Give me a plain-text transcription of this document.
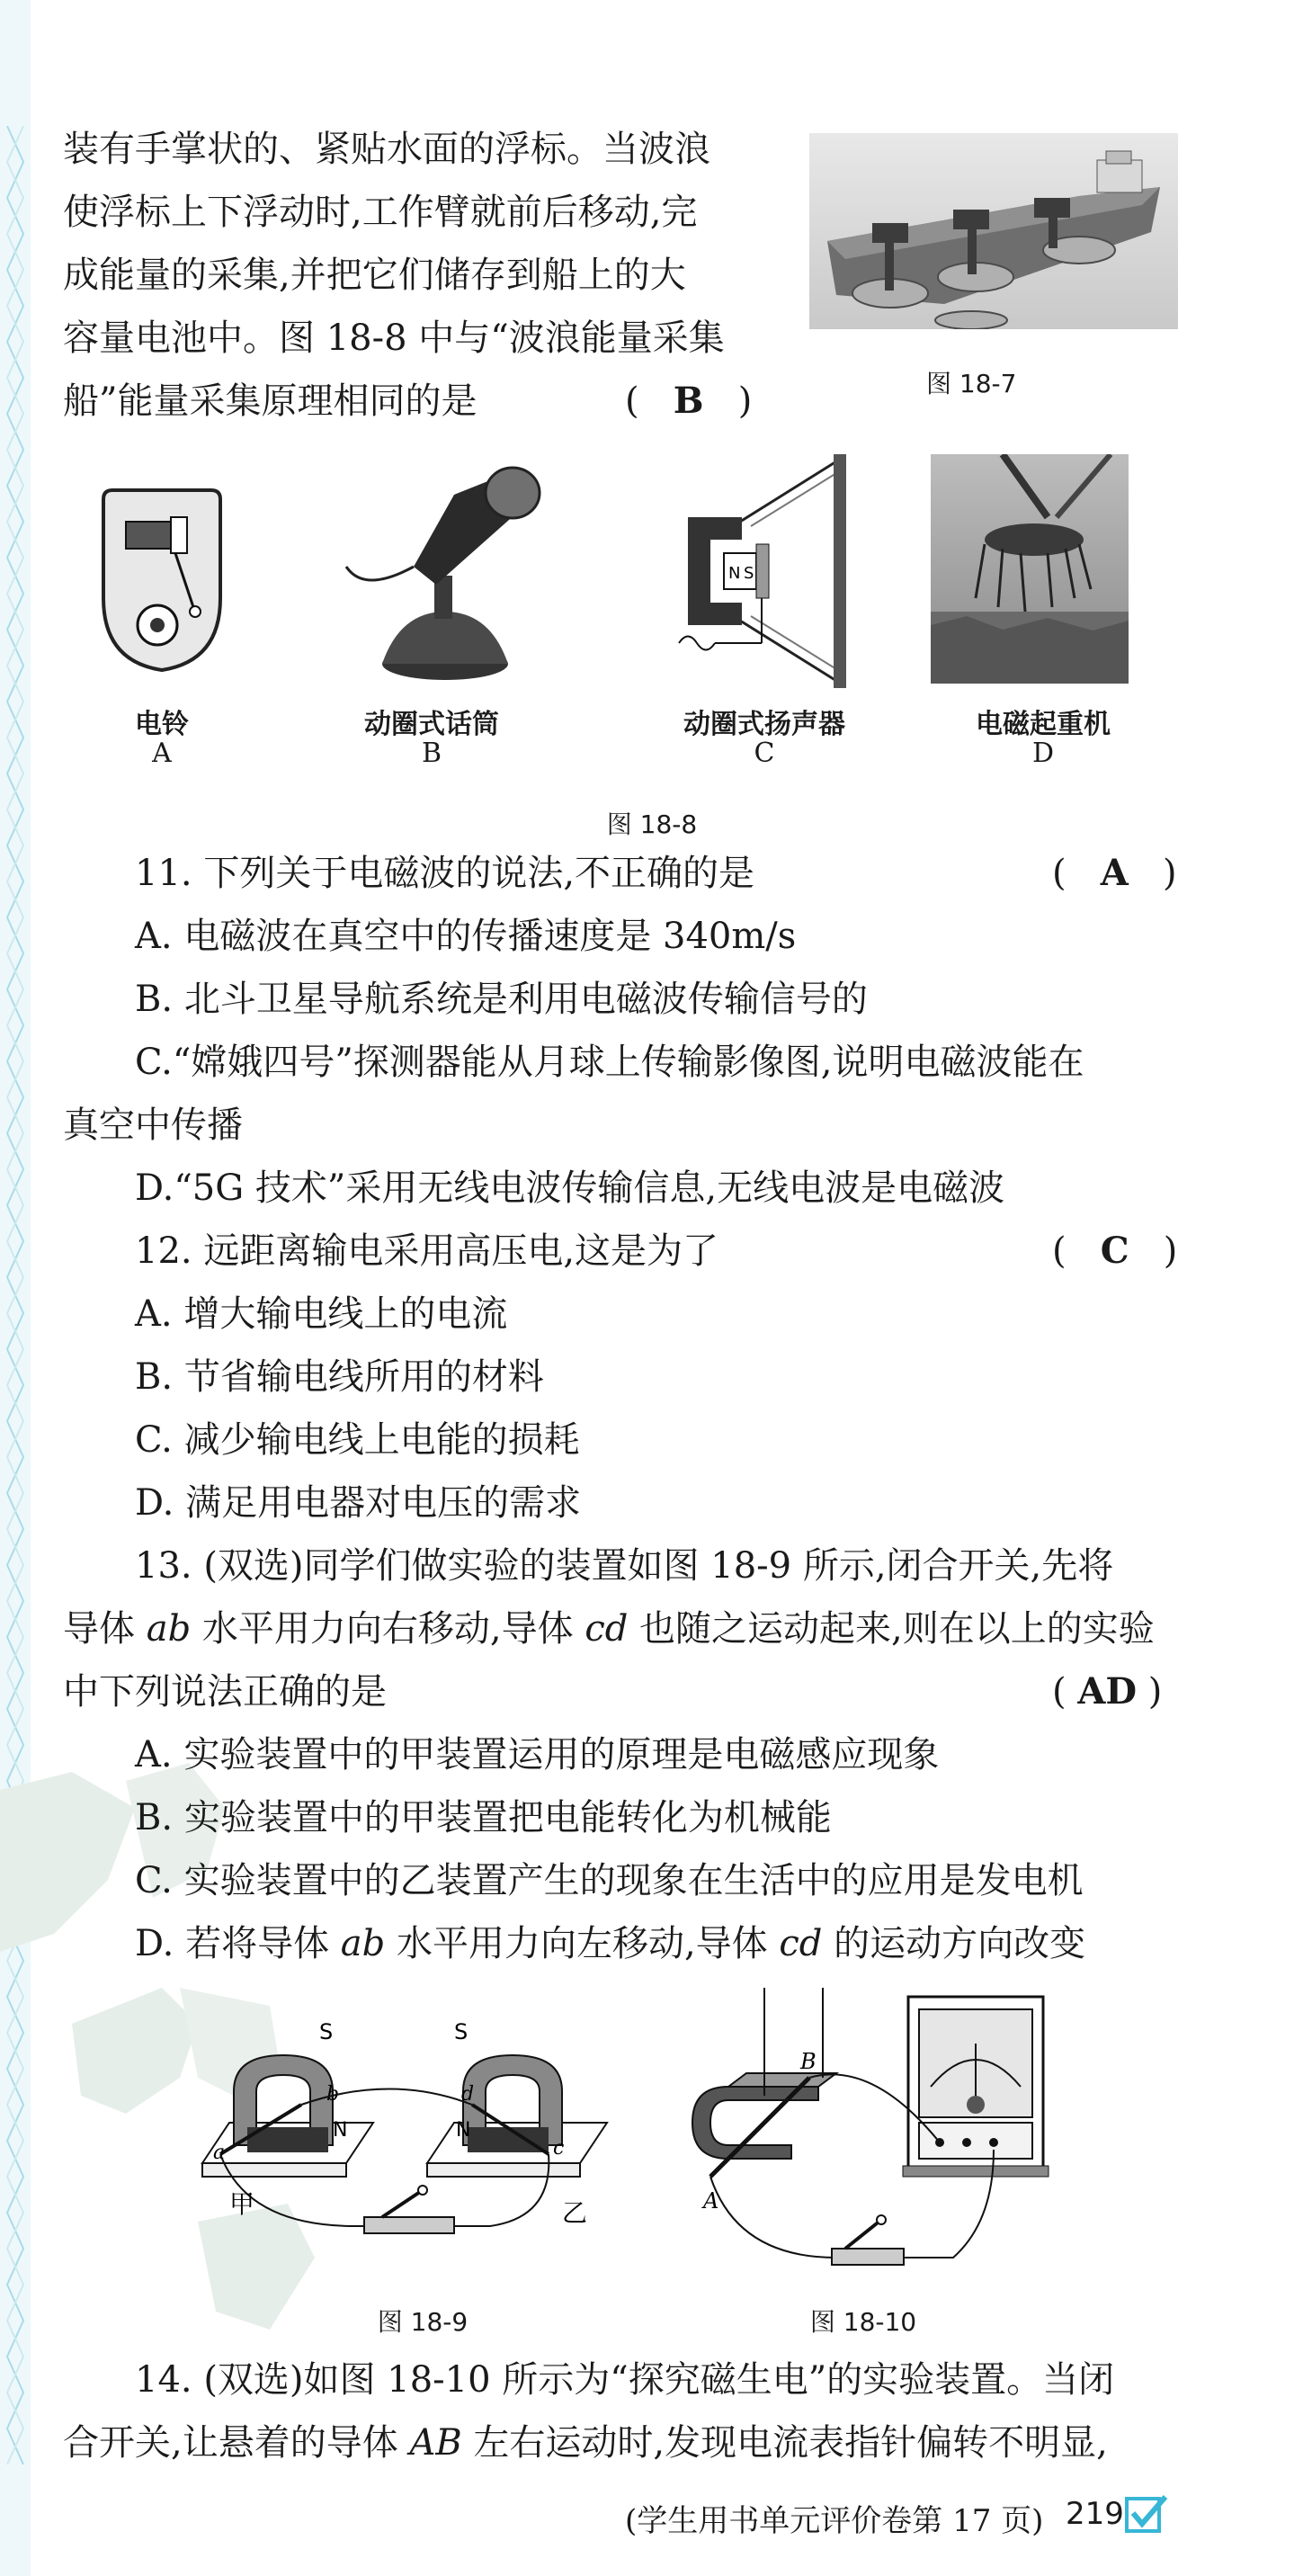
装有手掌状的、紧贴水面的浮标。当波浪
使浮标上下浮动时,工作臂就前后移动,完
成能量的采集,并把它们储存到船上的大
容量电池中。图 18-8 中与“波浪能量采集
船”能量采集原理相同的是	(   B   )	图 18-7
N S
电铃
A
动圈式话筒
B
动圈式扬声器
C
电磁起重机
D
图 18-8
11. 下列关于电磁波的说法,不正确的是	(   A   )
A. 电磁波在真空中的传播速度是 340m/s
B. 北斗卫星导航系统是利用电磁波传输信号的
C.“嫦娥四号”探测器能从月球上传输影像图,说明电磁波能在
真空中传播
D.“5G 技术”采用无线电波传输信息,无线电波是电磁波
12. 远距离输电采用高压电,这是为了	(   C   )
A. 增大输电线上的电流
B. 节省输电线所用的材料
C. 减少输电线上电能的损耗
D. 满足用电器对电压的需求
13. (双选)同学们做实验的装置如图 18-9 所示,闭合开关,先将
导体 ab 水平用力向右移动,导体 cd 也随之运动起来,则在以上的实验
中下列说法正确的是	( AD )
A. 实验装置中的甲装置运用的原理是电磁感应现象
B. 实验装置中的甲装置把电能转化为机械能
C. 实验装置中的乙装置产生的现象在生活中的应用是发电机
D. 若将导体 ab 水平用力向左移动,导体 cd 的运动方向改变
S
N
a
b
S
N
d
c
甲	乙
图 18-9
B
A
图 18-10
14. (双选)如图 18-10 所示为“探究磁生电”的实验装置。当闭
合开关,让悬着的导体 AB 左右运动时,发现电流表指针偏转不明显,
(学生用书单元评价卷第 17 页) 219
